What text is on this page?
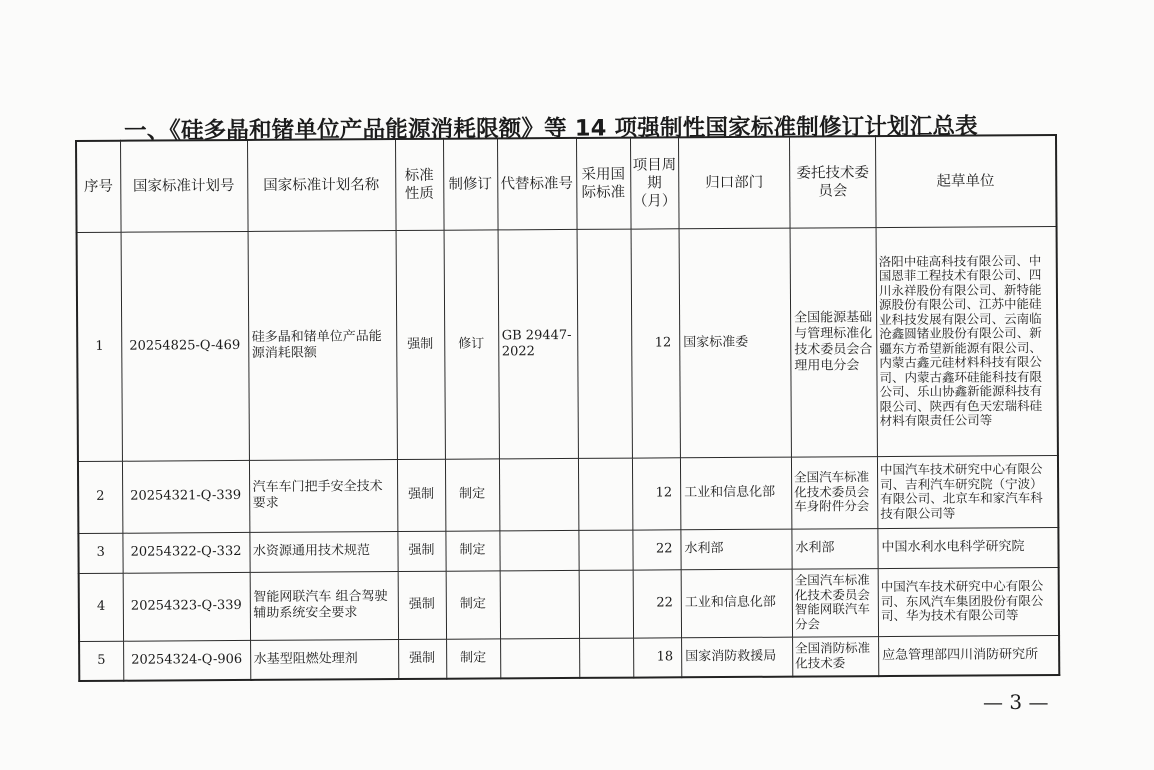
一、《硅多晶和锗单位产品能源消耗限额》等 14 项强制性国家标准制修订计划汇总表
序号	国家标准计划号	国家标准计划名称	标准性质	制修订	代替标准号	采用国际标准	项目周期（月）	归口部门	委托技术委员会	起草单位
1	20254825-Q-469	硅多晶和锗单位产品能源消耗限额	强制	修订	GB 29447-2022		12	国家标准委	全国能源基础与管理标准化技术委员会合理用电分会	洛阳中硅高科技有限公司、中国恩菲工程技术有限公司、四川永祥股份有限公司、新特能源股份有限公司、江苏中能硅业科技发展有限公司、云南临沧鑫圆锗业股份有限公司、新疆东方希望新能源有限公司、内蒙古鑫元硅材料科技有限公司、内蒙古鑫环硅能科技有限公司、乐山协鑫新能源科技有限公司、陕西有色天宏瑞科硅材料有限责任公司等
2	20254321-Q-339	汽车车门把手安全技术要求	强制	制定			12	工业和信息化部	全国汽车标准化技术委员会车身附件分会	中国汽车技术研究中心有限公司、吉利汽车研究院（宁波）有限公司、北京车和家汽车科技有限公司等
3	20254322-Q-332	水资源通用技术规范	强制	制定			22	水利部	水利部	中国水利水电科学研究院
4	20254323-Q-339	智能网联汽车 组合驾驶辅助系统安全要求	强制	制定			22	工业和信息化部	全国汽车标准化技术委员会智能网联汽车分会	中国汽车技术研究中心有限公司、东风汽车集团股份有限公司、华为技术有限公司等
5	20254324-Q-906	水基型阻燃处理剂	强制	制定			18	国家消防救援局	全国消防标准化技术委	应急管理部四川消防研究所
— 3 —
